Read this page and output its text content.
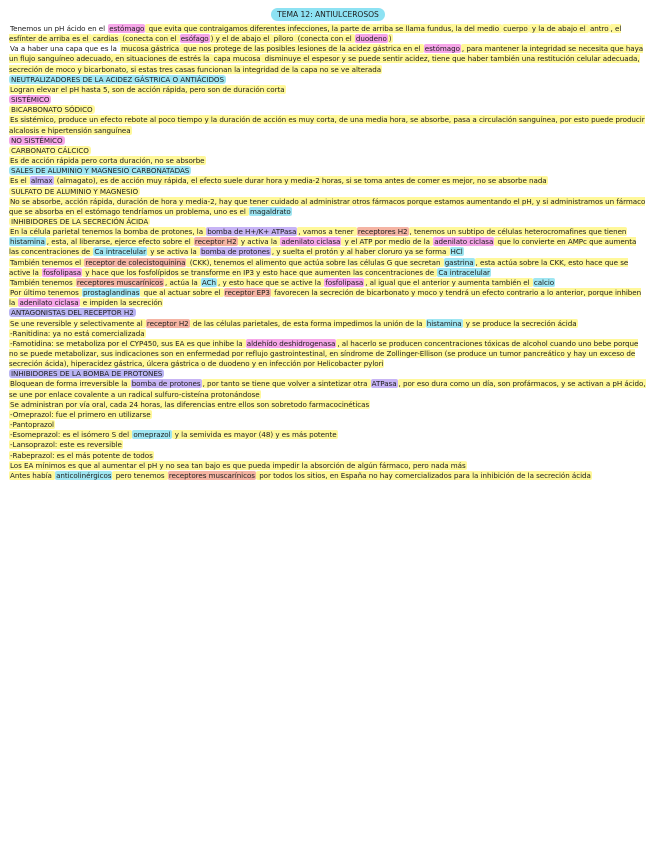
TEMA 12: ANTIULCEROSOS
Tenemos un pH ácido en el estómago que evita que contraigamos diferentes infecciones, la parte de arriba se llama fundus, la del medio cuerpo y la de abajo el antro , el esfínter de arriba es el cardias (conecta con el esófago ) y el de abajo el píloro (conecta con el duodeno )
Va a haber una capa que es la mucosa gástrica que nos protege de las posibles lesiones de la acidez gástrica en el estómago , para mantener la integridad se necesita que haya un flujo sanguíneo adecuado, en situaciones de estrés la capa mucosa disminuye el espesor y se puede sentir acidez, tiene que haber también una restitución celular adecuada, secreción de moco y bicarbonato, si estas tres casas funcionan la integridad de la capa no se ve alterada
NEUTRALIZADORES DE LA ACIDEZ GÁSTRICA O ANTIÁCIDOS
Logran elevar el pH hasta 5, son de acción rápida, pero son de duración corta
SISTÉMICO
BICARBONATO SÓDICO
Es sistémico, produce un efecto rebote al poco tiempo y la duración de acción es muy corta, de una media hora, se absorbe, pasa a circulación sanguínea, por esto puede producir alcalosis e hipertensión sanguínea
NO SISTÉMICO
CARBONATO CÁLCICO
Es de acción rápida pero corta duración, no se absorbe
SALES DE ALUMINIO Y MAGNESIO CARBONATADAS
Es el almax (almagato), es de acción muy rápida, el efecto suele durar hora y media-2 horas, si se toma antes de comer es mejor, no se absorbe nada
SULFATO DE ALUMINIO Y MAGNESIO
No se absorbe, acción rápida, duración de hora y media-2, hay que tener cuidado al administrar otros fármacos porque estamos aumentando el pH, y si administramos un fármaco que se absorba en el estómago tendríamos un problema, uno es el magaldrato
INHIBIDORES DE LA SECRECIÓN ÁCIDA
En la célula parietal tenemos la bomba de protones, la bomba de H+/K+ ATPasa , vamos a tener receptores H2 , tenemos un subtipo de células heterocromafines que tienen histamina , esta, al liberarse, ejerce efecto sobre el receptor H2 y activa la adenilato ciclasa y el ATP por medio de la adenilato ciclasa que lo convierte en AMPc que aumenta las concentraciones de Ca intracelular y se activa la bomba de protones , y suelta el protón y al haber cloruro ya se forma HCl
También tenemos el receptor de colecistoquinina (CKK), tenemos el alimento que actúa sobre las células G que secretan gastrina , esta actúa sobre la CKK, esto hace que se active la fosfolipasa y hace que los fosfolípidos se transforme en IP3 y esto hace que aumenten las concentraciones de Ca intracelular
También tenemos receptores muscarínicos , actúa la ACh , y esto hace que se active la fosfolipasa , al igual que el anterior y aumenta también el calcio
Por último tenemos prostaglandinas que al actuar sobre el receptor EP3 favorecen la secreción de bicarbonato y moco y tendrá un efecto contrario a lo anterior, porque inhiben la adenilato ciclasa e impiden la secreción
ANTAGONISTAS DEL RECEPTOR H2
Se une reversible y selectivamente al receptor H2 de las células parietales, de esta forma impedimos la unión de la histamina y se produce la secreción ácida
-Ranitidina: ya no está comercializada
-Famotidina: se metaboliza por el CYP450, sus EA es que inhibe la aldehído deshidrogenasa , al hacerlo se producen concentraciones tóxicas de alcohol cuando uno bebe porque no se puede metabolizar, sus indicaciones son en enfermedad por reflujo gastrointestinal, en síndrome de Zollinger-Ellison (se produce un tumor pancreático y hay un exceso de secreción ácida), hiperacidez gástrica, úlcera gástrica o de duodeno y en infección por Helicobacter pylori
INHIBIDORES DE LA BOMBA DE PROTONES
Bloquean de forma irreversible la bomba de protones , por tanto se tiene que volver a sintetizar otra ATPasa , por eso dura como un día, son profármacos, y se activan a pH ácido, se une por enlace covalente a un radical sulfuro-cisteína protonándose
Se administran por vía oral, cada 24 horas, las diferencias entre ellos son sobretodo farmacocinéticas
-Omeprazol: fue el primero en utilizarse
-Pantoprazol
-Esomeprazol: es el isómero S del omeprazol y la semivida es mayor (48) y es más potente
-Lansoprazol: este es reversible
-Rabeprazol: es el más potente de todos
Los EA mínimos es que al aumentar el pH y no sea tan bajo es que pueda impedir la absorción de algún fármaco, pero nada más
Antes había anticolinérgicos pero tenemos receptores muscarínicos por todos los sitios, en España no hay comercializados para la inhibición de la secreción ácida
